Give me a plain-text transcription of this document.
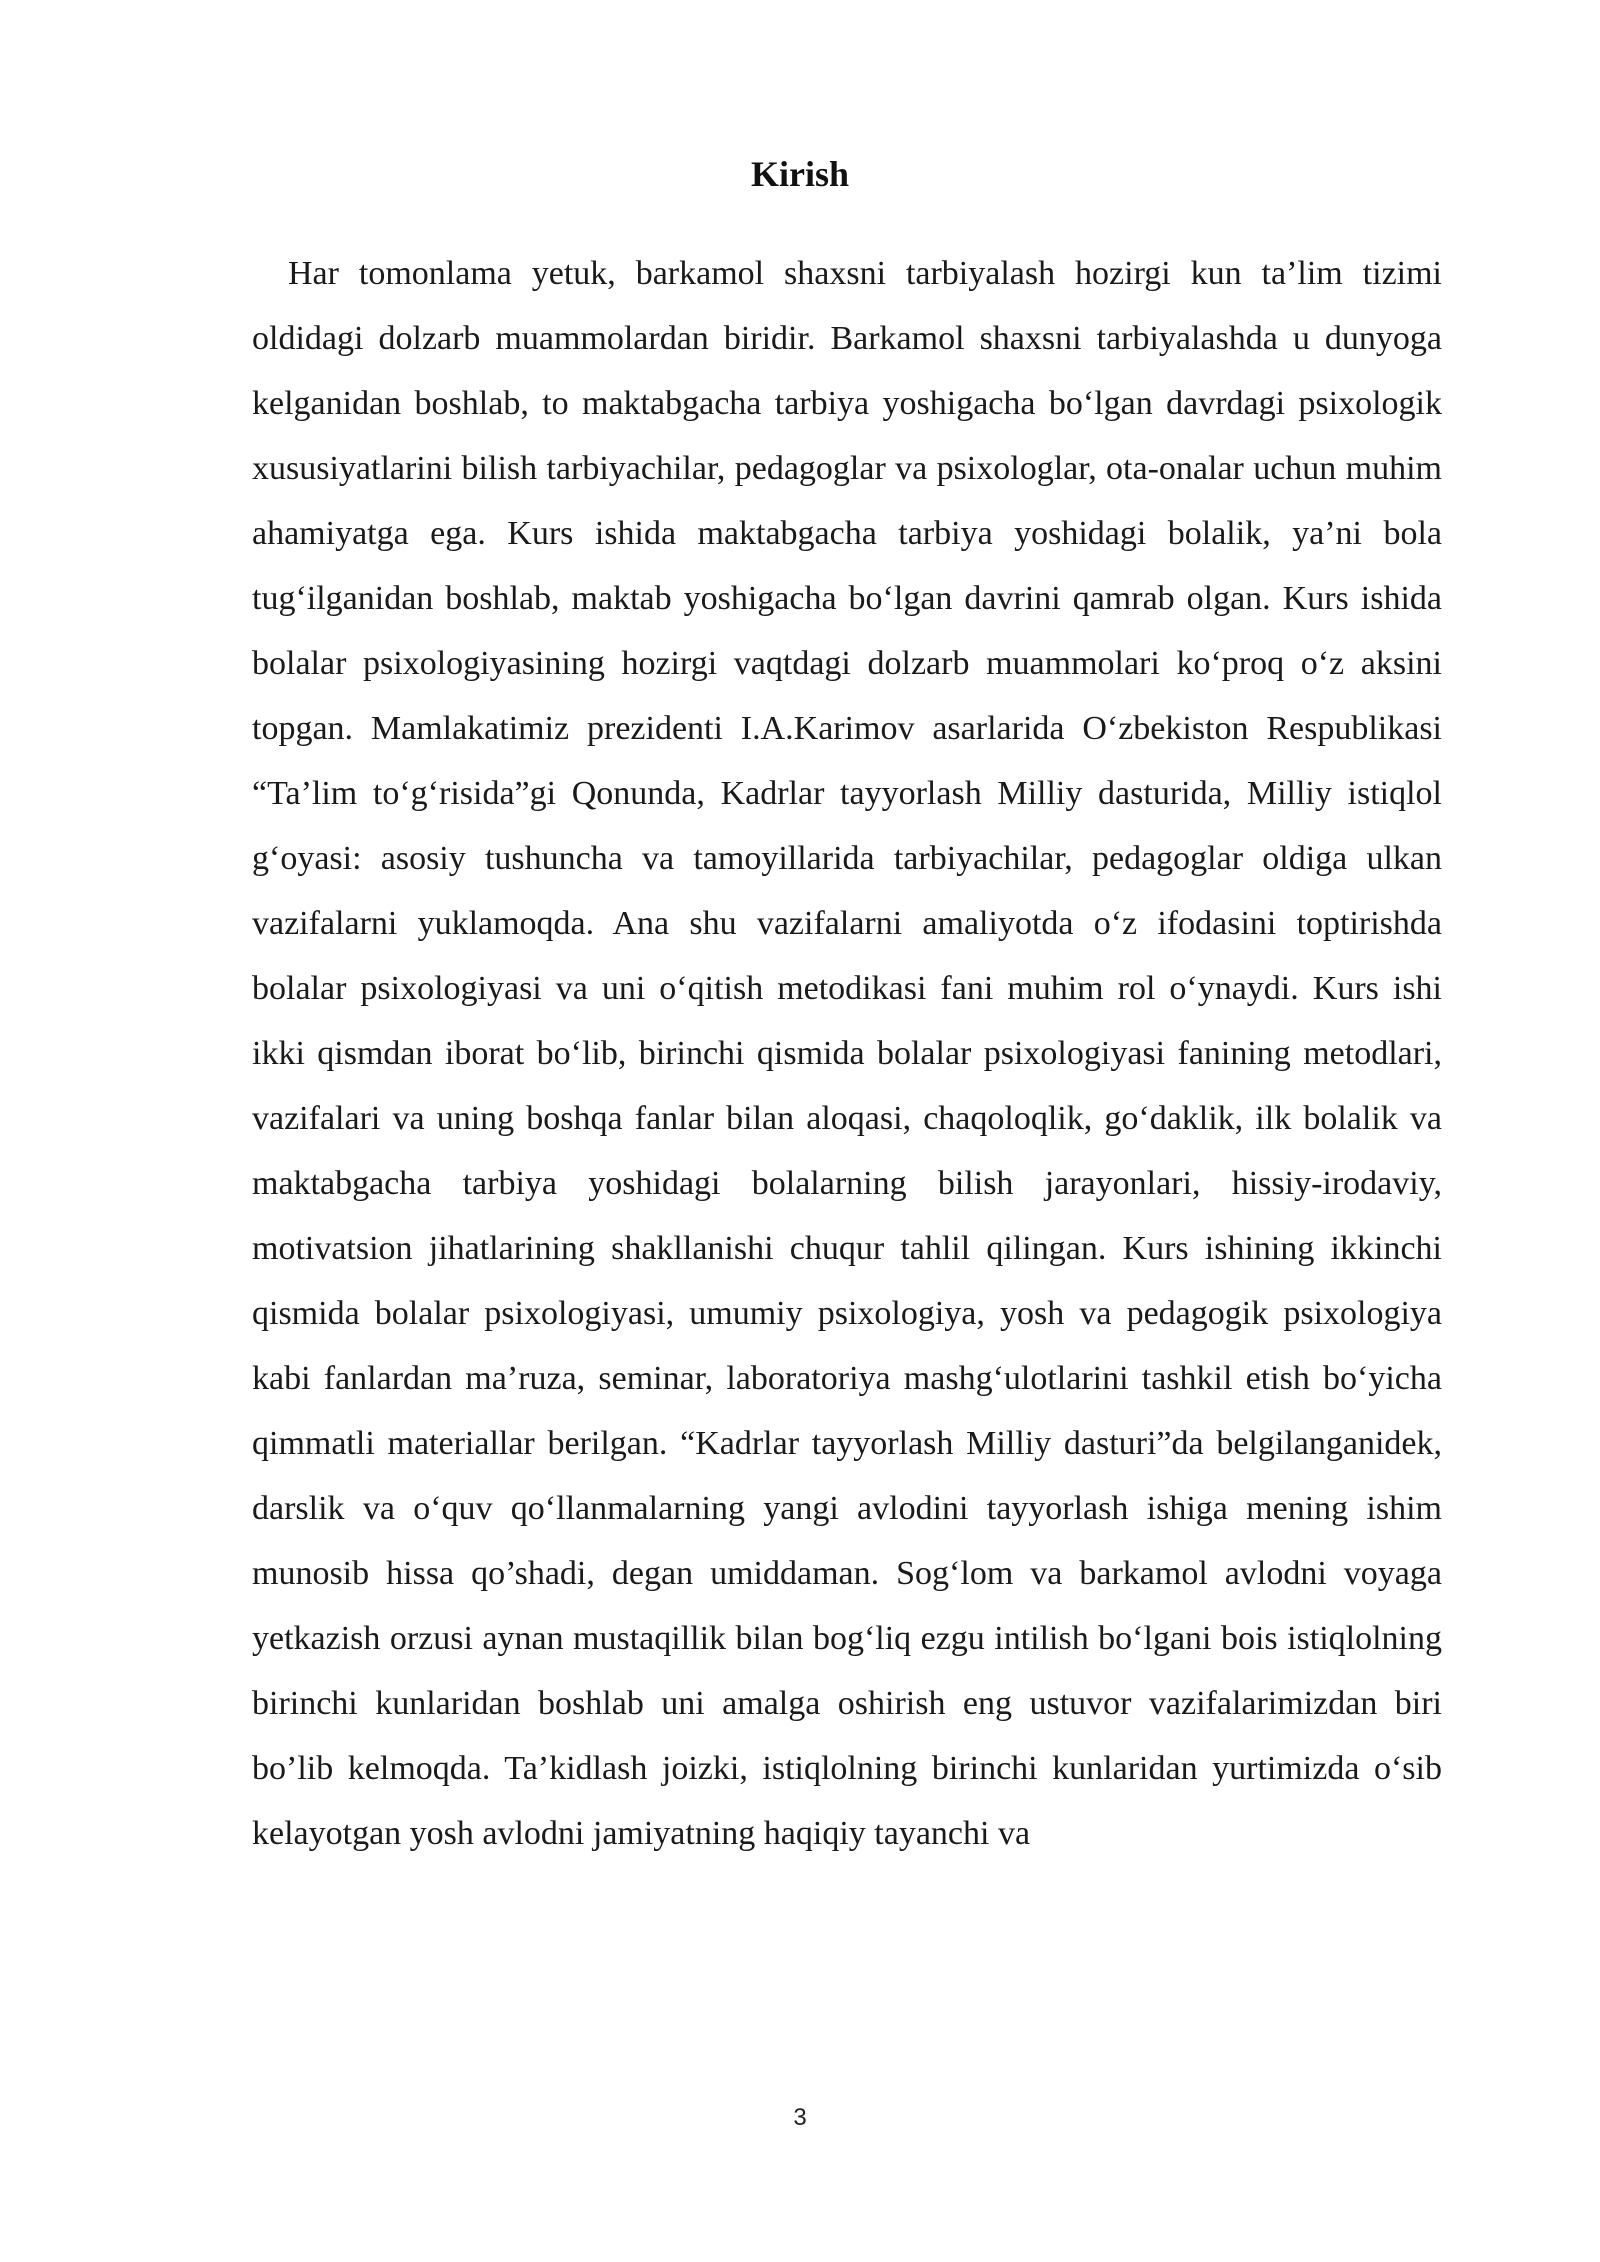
Kirish

Har tomonlama yetuk, barkamol shaxsni tarbiyalash hozirgi kun ta’lim tizimi oldidagi dolzarb muammolardan biridir. Barkamol shaxsni tarbiyalashda u dunyoga kelganidan boshlab, to maktabgacha tarbiya yoshigacha bo‘lgan davrdagi psixologik xususiyatlarini bilish tarbiyachilar, pedagoglar va psixologlar, ota-onalar uchun muhim ahamiyatga ega. Kurs ishida maktabgacha tarbiya yoshidagi bolalik, ya’ni bola tug‘ilganidan boshlab, maktab yoshigacha bo‘lgan davrini qamrab olgan. Kurs ishida bolalar psixologiyasining hozirgi vaqtdagi dolzarb muammolari ko‘proq o‘z aksini topgan. Mamlakatimiz prezidenti I.A.Karimov asarlarida O‘zbekiston Respublikasi “Ta’lim to‘g‘risida”gi Qonunda, Kadrlar tayyorlash Milliy dasturida, Milliy istiqlol g‘oyasi: asosiy tushuncha va tamoyillarida tarbiyachilar, pedagoglar oldiga ulkan vazifalarni yuklamoqda. Ana shu vazifalarni amaliyotda o‘z ifodasini toptirishda bolalar psixologiyasi va uni o‘qitish metodikasi fani muhim rol o‘ynaydi. Kurs ishi ikki qismdan iborat bo‘lib, birinchi qismida bolalar psixologiyasi fanining metodlari, vazifalari va uning boshqa fanlar bilan aloqasi, chaqoloqlik, go‘daklik, ilk bolalik va maktabgacha tarbiya yoshidagi bolalarning bilish jarayonlari, hissiy-irodaviy, motivatsion jihatlarining shakllanishi chuqur tahlil qilingan. Kurs ishining ikkinchi qismida bolalar psixologiyasi, umumiy psixologiya, yosh va pedagogik psixologiya kabi fanlardan ma’ruza, seminar, laboratoriya mashg‘ulotlarini tashkil etish bo‘yicha qimmatli materiallar berilgan. “Kadrlar tayyorlash Milliy dasturi”da belgilanganidek, darslik va o‘quv qo‘llanmalarning yangi avlodini tayyorlash ishiga mening ishim munosib hissa qo’shadi, degan umiddaman. Sog‘lom va barkamol avlodni voyaga yetkazish orzusi aynan mustaqillik bilan bog‘liq ezgu intilish bo‘lgani bois istiqlolning birinchi kunlaridan boshlab uni amalga oshirish eng ustuvor vazifalarimizdan biri bo’lib kelmoqda. Ta’kidlash joizki, istiqlolning birinchi kunlaridan yurtimizda o‘sib kelayotgan yosh avlodni jamiyatning haqiqiy tayanchi va

3
